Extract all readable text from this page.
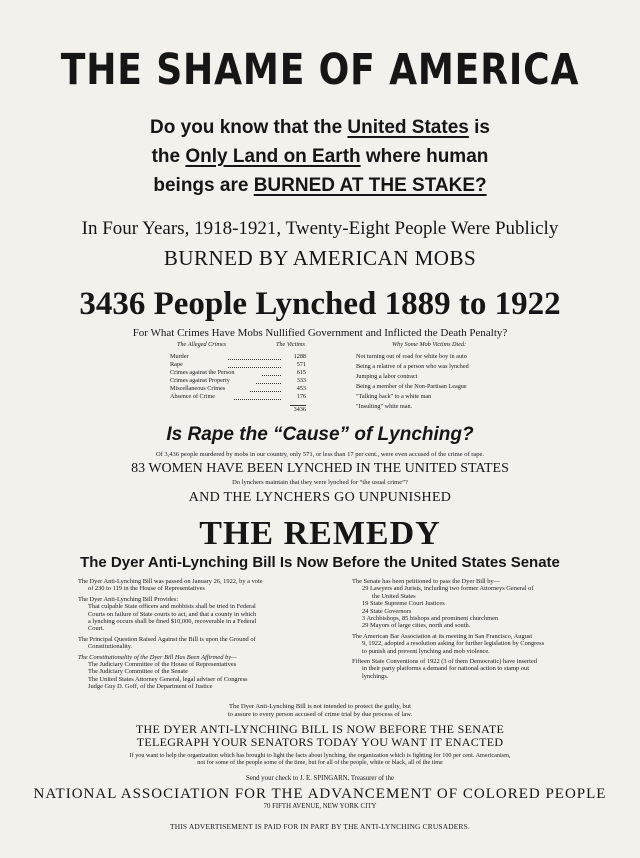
THE SHAME OF AMERICA
Do you know that the United States is
the Only Land on Earth where human
beings are BURNED AT THE STAKE?
In Four Years, 1918-1921, Twenty-Eight People Were Publicly
BURNED BY AMERICAN MOBS
3436 People Lynched 1889 to 1922
For What Crimes Have Mobs Nullified Government and Inflicted the Death Penalty?
The Alleged Crimes	The Victims
Murder	1288
Rape	571
Crimes against the Person	615
Crimes against Property	333
Miscellaneous Crimes	453
Absence of Crime	176
3436
Why Some Mob Victims Died:
Not turning out of road for white boy in auto
Being a relative of a person who was lynched
Jumping a labor contract
Being a member of the Non-Partisan League
"Talking back" to a white man
"Insulting" white man.
Is Rape the “Cause” of Lynching?
Of 3,436 people murdered by mobs in our country, only 571, or less than 17 per cent., were even accused of the crime of rape.
83 WOMEN HAVE BEEN LYNCHED IN THE UNITED STATES
Do lynchers maintain that they were lynched for “the usual crime”?
AND THE LYNCHERS GO UNPUNISHED
THE REMEDY
The Dyer Anti-Lynching Bill Is Now Before the United States Senate

The Dyer Anti-Lynching Bill was passed on January 26, 1922, by a vote
of 230 to 119 in the House of Representatives

The Dyer Anti-Lynching Bill Provides:
That culpable State officers and mobbists shall be tried in Federal
Courts on failure of State courts to act, and that a county in which
a lynching occurs shall be fined $10,000, recoverable in a Federal
Court.

The Principal Question Raised Against the Bill is upon the Ground of
Constitutionality.

The Constitutionality of the Dyer Bill Has Been Affirmed by—
The Judiciary Committee of the House of Representatives
The Judiciary Committee of the Senate
The United States Attorney General, legal adviser of Congress
Judge Guy D. Goff, of the Department of Justice

The Senate has been petitioned to pass the Dyer Bill by—
29 Lawyers and Jurists, including two former Attorneys General of
the United States
19 State Supreme Court Justices
24 State Governors
3 Archbishops, 85 bishops and prominent churchmen
29 Mayors of large cities, north and south.

The American Bar Association at its meeting in San Francisco, August
9, 1922, adopted a resolution asking for further legislation by Congress
to punish and prevent lynching and mob violence.

Fifteen State Conventions of 1922 (3 of them Democratic) have inserted
in their party platforms a demand for national action to stamp out
lynchings.

The Dyer Anti-Lynching Bill is not intended to protect the guilty, but
to assure to every person accused of crime trial by due process of law.
THE DYER ANTI-LYNCHING BILL IS NOW BEFORE THE SENATE
TELEGRAPH YOUR SENATORS TODAY YOU WANT IT ENACTED
If you want to help the organization which has brought to light the facts about lynching, the organization which is fighting for 100 per cent. Americanism,
not for some of the people some of the time, but for all of the people, white or black, all of the time
Send your check to J. E. SPINGARN, Treasurer of the
NATIONAL ASSOCIATION FOR THE ADVANCEMENT OF COLORED PEOPLE
70 FIFTH AVENUE, NEW YORK CITY
THIS ADVERTISEMENT IS PAID FOR IN PART BY THE ANTI-LYNCHING CRUSADERS.
